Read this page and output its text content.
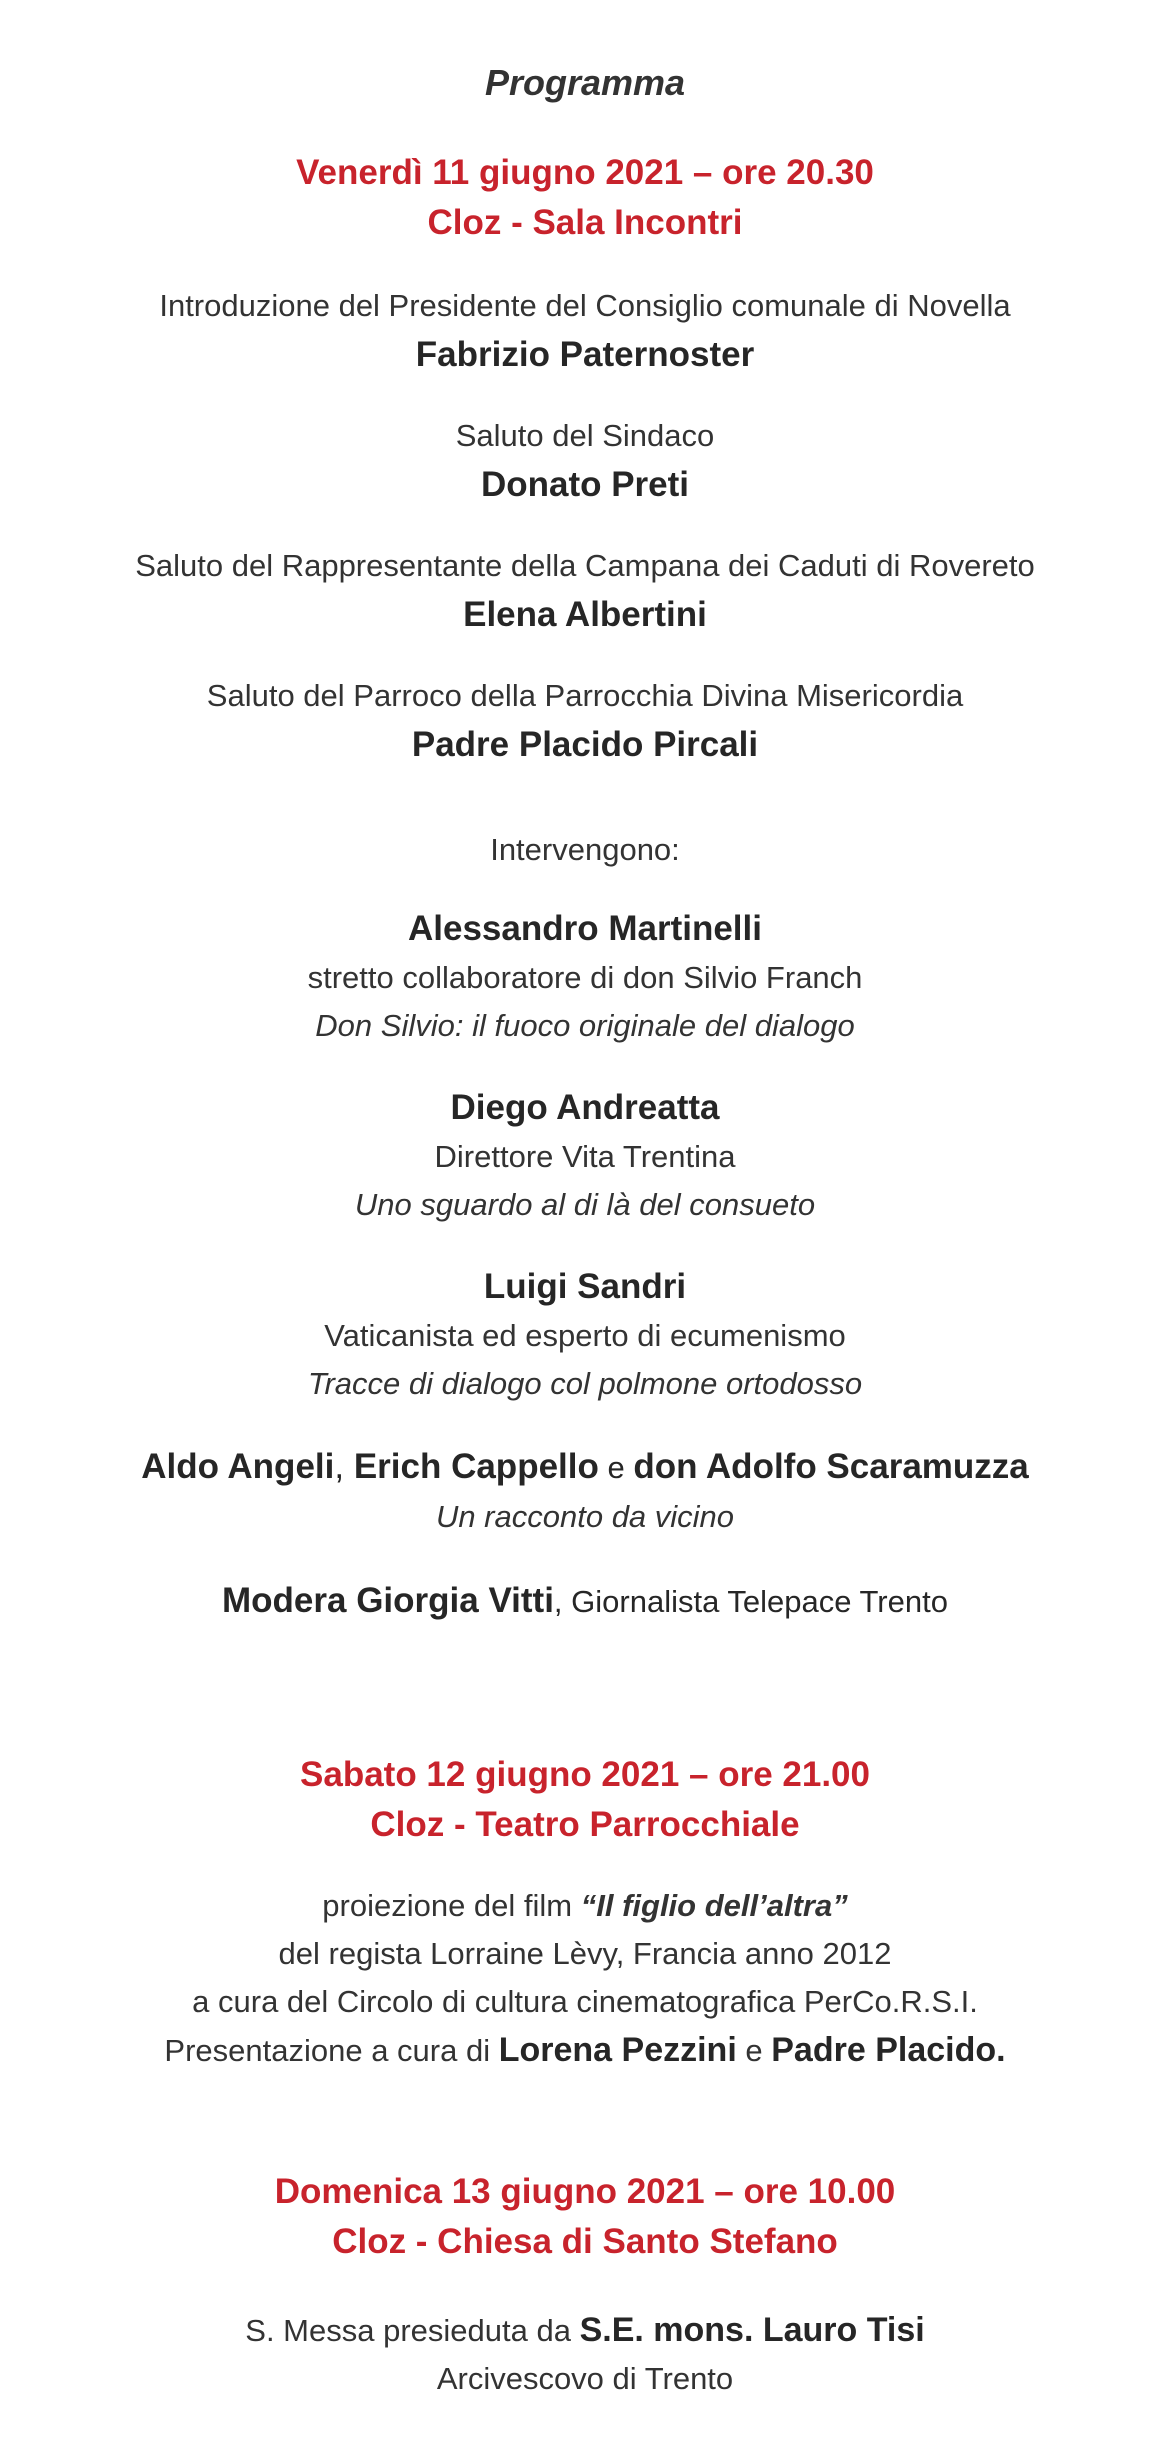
Programma
Venerdì 11 giugno 2021 – ore 20.30
Cloz - Sala Incontri
Introduzione del Presidente del Consiglio comunale di Novella
Fabrizio Paternoster
Saluto del Sindaco
Donato Preti
Saluto del Rappresentante della Campana dei Caduti di Rovereto
Elena Albertini
Saluto del Parroco della Parrocchia Divina Misericordia
Padre Placido Pircali
Intervengono:
Alessandro Martinelli
stretto collaboratore di don Silvio Franch
Don Silvio: il fuoco originale del dialogo
Diego Andreatta
Direttore Vita Trentina
Uno sguardo al di là del consueto
Luigi Sandri
Vaticanista ed esperto di ecumenismo
Tracce di dialogo col polmone ortodosso
Aldo Angeli, Erich Cappello e don Adolfo Scaramuzza
Un racconto da vicino
Modera Giorgia Vitti, Giornalista Telepace Trento
Sabato 12 giugno 2021 – ore 21.00
Cloz - Teatro Parrocchiale
proiezione del film “Il figlio dell’altra”
del regista Lorraine Lèvy, Francia anno 2012
a cura del Circolo di cultura cinematografica PerCo.R.S.I.
Presentazione a cura di Lorena Pezzini e Padre Placido.
Domenica 13 giugno 2021 – ore 10.00
Cloz - Chiesa di Santo Stefano
S. Messa presieduta da S.E. mons. Lauro Tisi
Arcivescovo di Trento
